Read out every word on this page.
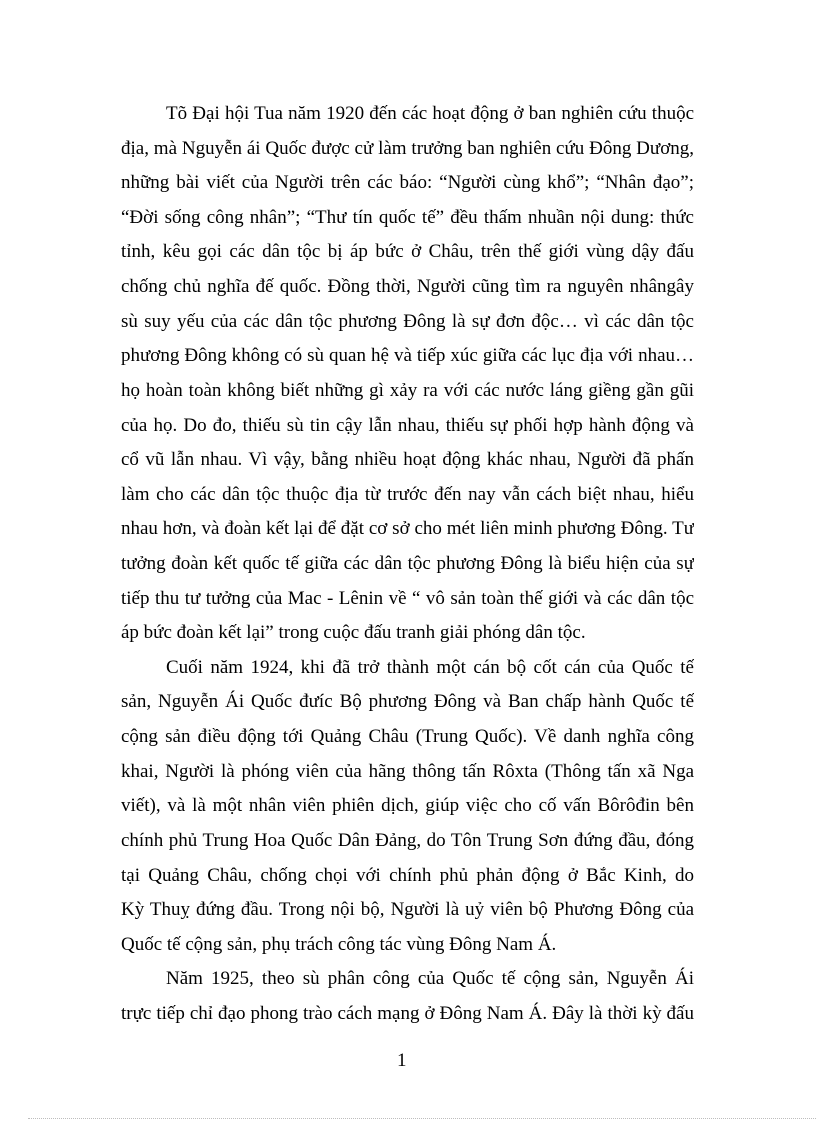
Tõ Đại hội Tua năm 1920 đến các hoạt động ở ban nghiên cứu thuộc
địa, mà Nguyễn ái Quốc được cử làm trưởng ban nghiên cứu Đông Dương,
những bài viết của Người trên các báo: “Người cùng khổ”; “Nhân đạo”;
“Đời sống công nhân”; “Thư tín quốc tế” đều thấm nhuần nội dung: thức
tỉnh, kêu gọi các dân tộc bị áp bức ở Châu, trên thế giới vùng dậy đấu
chống chủ nghĩa đế quốc. Đồng thời, Người cũng tìm ra nguyên nhângây
sù suy yếu của các dân tộc phương Đông là sự đơn độc… vì các dân tộc
phương Đông không có sù quan hệ và tiếp xúc giữa các lục địa với nhau…
họ hoàn toàn không biết những gì xảy ra với các nước láng giềng gần gũi
của họ. Do đo, thiếu sù tin cậy lẫn nhau, thiếu sự phối hợp hành động và
cổ vũ lẫn nhau. Vì vậy, bằng nhiều hoạt động khác nhau, Người đã phấn
làm cho các dân tộc thuộc địa từ trước đến nay vẫn cách biệt nhau, hiểu
nhau hơn, và đoàn kết lại để đặt cơ sở cho mét liên minh phương Đông. Tư
tưởng đoàn kết quốc tế giữa các dân tộc phương Đông là biểu hiện của sự
tiếp thu tư tưởng của Mac - Lênin về “ vô sản toàn thế giới và các dân tộc
áp bức đoàn kết lại” trong cuộc đấu tranh giải phóng dân tộc.
Cuối năm 1924, khi đã trở thành một cán bộ cốt cán của Quốc tế
sản, Nguyễn Ái Quốc đưíc Bộ phương Đông và Ban chấp hành Quốc tế
cộng sản điều động tới Quảng Châu (Trung Quốc). Về danh nghĩa công
khai, Người là phóng viên của hãng thông tấn Rôxta (Thông tấn xã Nga
viết), và là một nhân viên phiên dịch, giúp việc cho cố vấn Bôrôđin bên
chính phủ Trung Hoa Quốc Dân Đảng, do Tôn Trung Sơn đứng đầu, đóng
tại Quảng Châu, chống chọi với chính phủ phản động ở Bắc Kinh, do
Kỳ Thuỵ đứng đầu. Trong nội bộ, Người là uỷ viên bộ Phương Đông của
Quốc tế cộng sản, phụ trách công tác vùng Đông Nam Á.
Năm 1925, theo sù phân công của Quốc tế cộng sản, Nguyễn Ái
trực tiếp chỉ đạo phong trào cách mạng ở Đông Nam Á. Đây là thời kỳ đấu
1
